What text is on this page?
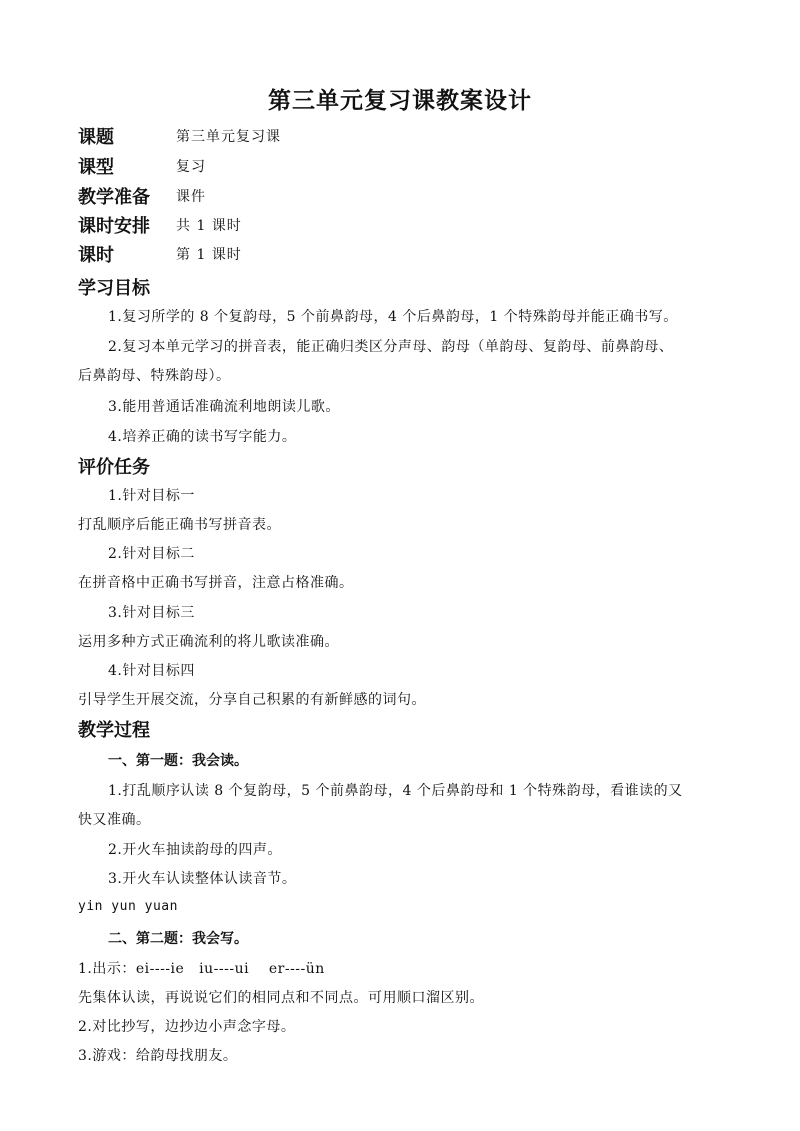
第三单元复习课教案设计
课题	第三单元复习课
课型	复习
教学准备	课件
课时安排	共 1 课时
课时	第 1 课时
学习目标
1.复习所学的 8 个复韵母，5 个前鼻韵母，4 个后鼻韵母，1 个特殊韵母并能正确书写。
2.复习本单元学习的拼音表，能正确归类区分声母、韵母（单韵母、复韵母、前鼻韵母、
后鼻韵母、特殊韵母）。
3.能用普通话准确流利地朗读儿歌。
4.培养正确的读书写字能力。
评价任务
1.针对目标一
打乱顺序后能正确书写拼音表。
2.针对目标二
在拼音格中正确书写拼音，注意占格准确。
3.针对目标三
运用多种方式正确流利的将儿歌读准确。
4.针对目标四
引导学生开展交流，分享自己积累的有新鲜感的词句。
教学过程
一、第一题：我会读。
1.打乱顺序认读 8 个复韵母，5 个前鼻韵母，4 个后鼻韵母和 1 个特殊韵母，看谁读的又
快又准确。
2.开火车抽读韵母的四声。
3.开火车认读整体认读音节。
yin yun yuan
二、第二题：我会写。
1.出示：ei----ie   iu----ui    er----ün
先集体认读，再说说它们的相同点和不同点。可用顺口溜区别。
2.对比抄写，边抄边小声念字母。
3.游戏：给韵母找朋友。
